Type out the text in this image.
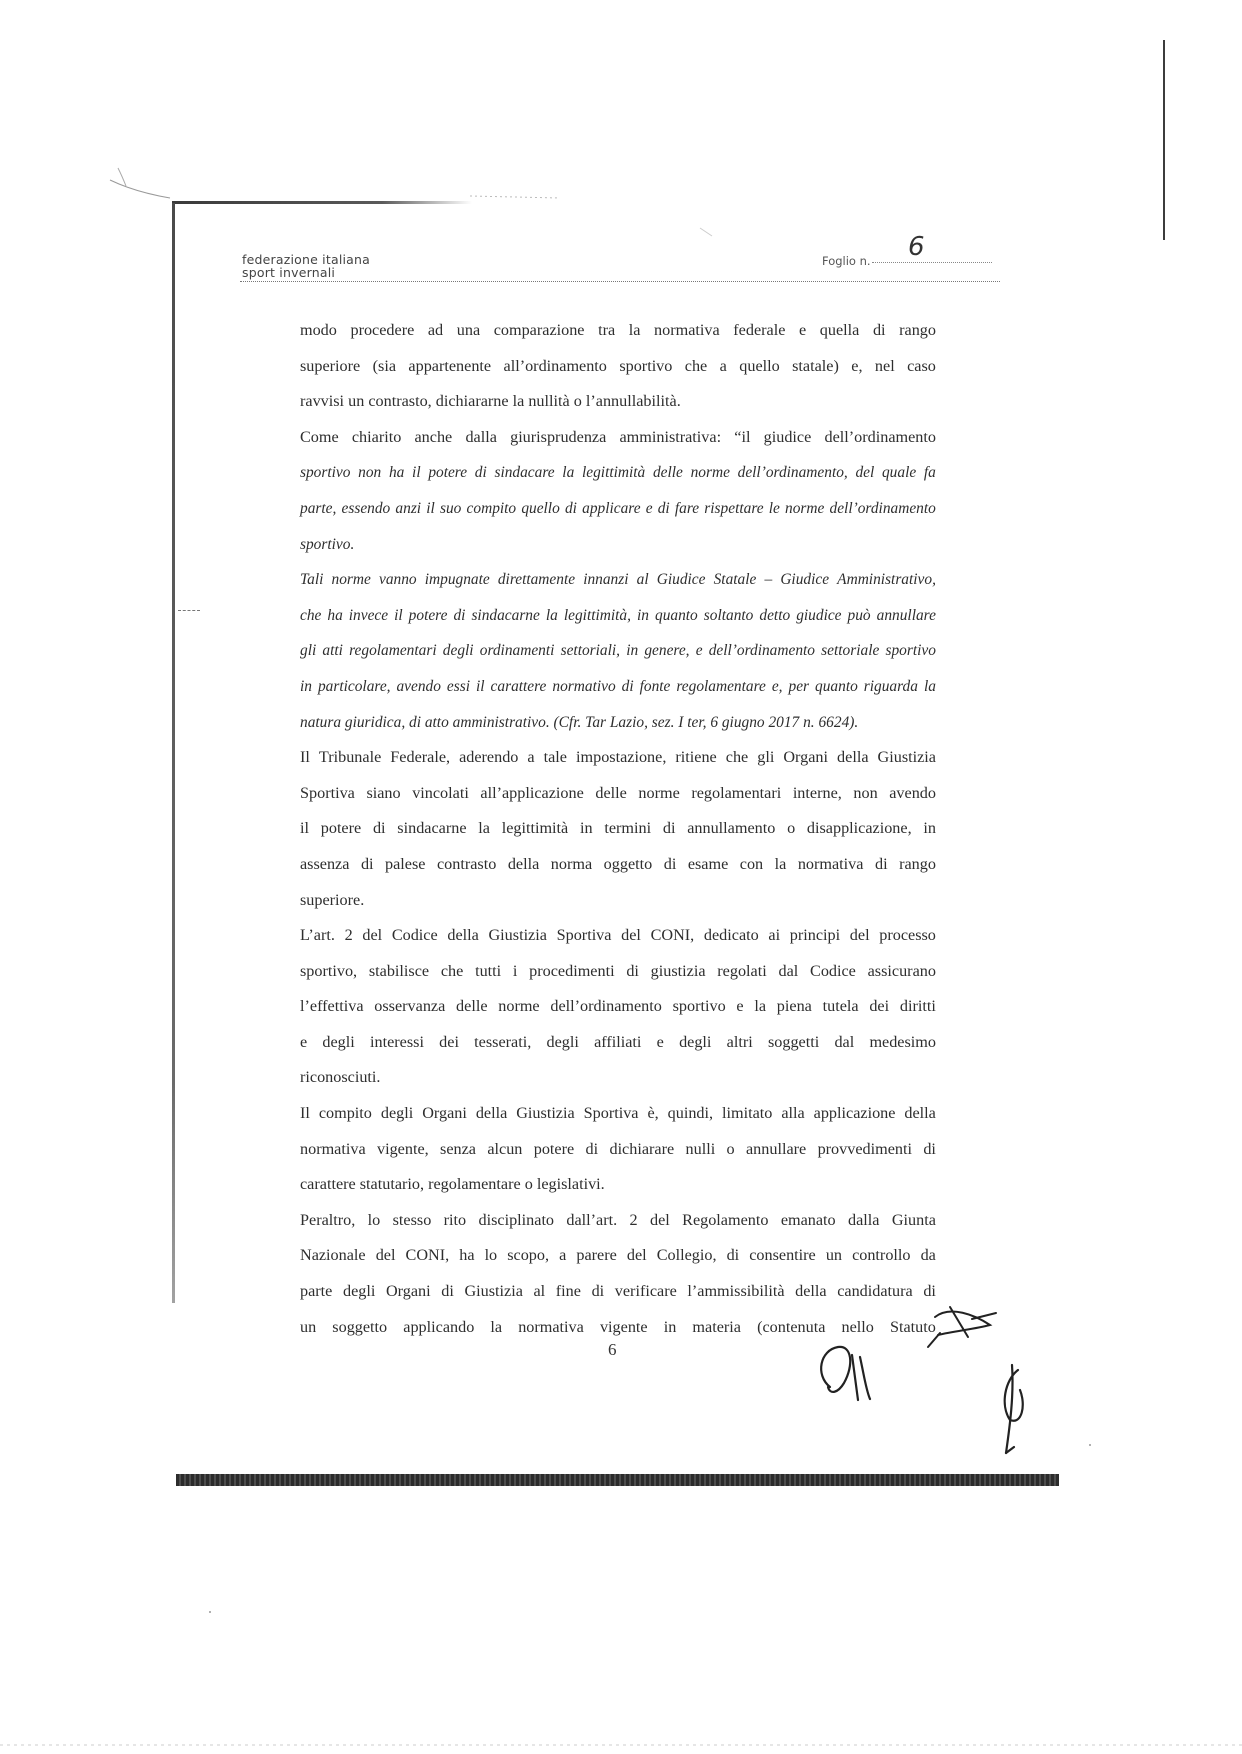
federazione italiana
sport invernali
Foglio n. 6
modo procedere ad una comparazione tra la normativa federale e quella di rango
superiore (sia appartenente all’ordinamento sportivo che a quello statale) e, nel caso
ravvisi un contrasto, dichiararne la nullità o l’annullabilità.
Come chiarito anche dalla giurisprudenza amministrativa: “il giudice dell’ordinamento
sportivo non ha il potere di sindacare la legittimità delle norme dell’ordinamento, del quale fa
parte, essendo anzi il suo compito quello di applicare e di fare rispettare le norme dell’ordinamento
sportivo.
Tali norme vanno impugnate direttamente innanzi al Giudice Statale – Giudice Amministrativo,
che ha invece il potere di sindacarne la legittimità, in quanto soltanto detto giudice può annullare
gli atti regolamentari degli ordinamenti settoriali, in genere, e dell’ordinamento settoriale sportivo
in particolare, avendo essi il carattere normativo di fonte regolamentare e, per quanto riguarda la
natura giuridica, di atto amministrativo. (Cfr. Tar Lazio, sez. I ter, 6 giugno 2017 n. 6624).
Il Tribunale Federale, aderendo a tale impostazione, ritiene che gli Organi della Giustizia
Sportiva siano vincolati all’applicazione delle norme regolamentari interne, non avendo
il potere di sindacarne la legittimità in termini di annullamento o disapplicazione, in
assenza di palese contrasto della norma oggetto di esame con la normativa di rango
superiore.
L’art. 2 del Codice della Giustizia Sportiva del CONI, dedicato ai principi del processo
sportivo, stabilisce che tutti i procedimenti di giustizia regolati dal Codice assicurano
l’effettiva osservanza delle norme dell’ordinamento sportivo e la piena tutela dei diritti
e degli interessi dei tesserati, degli affiliati e degli altri soggetti dal medesimo
riconosciuti.
Il compito degli Organi della Giustizia Sportiva è, quindi, limitato alla applicazione della
normativa vigente, senza alcun potere di dichiarare nulli o annullare provvedimenti di
carattere statutario, regolamentare o legislativi.
Peraltro, lo stesso rito disciplinato dall’art. 2 del Regolamento emanato dalla Giunta
Nazionale del CONI, ha lo scopo, a parere del Collegio, di consentire un controllo da
parte degli Organi di Giustizia al fine di verificare l’ammissibilità della candidatura di
un soggetto applicando la normativa vigente in materia (contenuta nello Statuto
6
